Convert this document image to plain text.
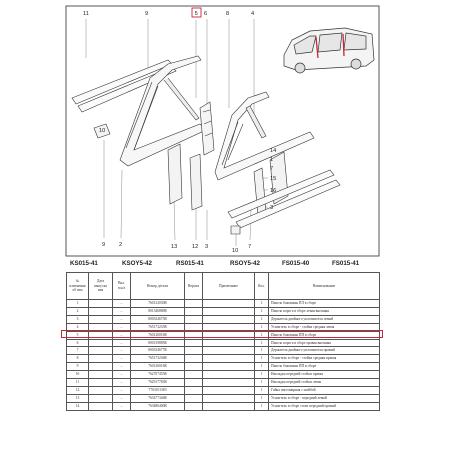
11	9	5 6	8	4
14
1
7
15
16
3
10
9 2	13	12 3
10
7
KS015-41	KSOY5-42	RS015-41	RSOY5-42	FS015-40	FS015-41
№
изменения
об изм	Дата
выпуска
изм	Вкл.
в н/а	Номер детали	Версия	Примечание	Кол.	Наименование
1		–	760132030R			1	Панель боковины ПЛ в сборе
2		–	801346880R			1	Панель порога в сборе левая внешняя
3		–	800334675R			1	Держатель двойного уплотнителя левый
4		–	765173235R			1	Усилитель в сборе - стойка средняя левая
5		–	760126016R			1	Панель боковины ПП в сборе
6		–	800139885R			1	Панель порога в сборе правая внешняя
7		–	800334677R			1	Держатель двойного уплотнителя правый
8		–	765173236R			1	Усилитель в сборе - стойка средняя правая
9		–	760126016R			1	Панель боковины ПП в сборе
10		–	762707455R			1	Накладка передней стойки правая
11		–	762917783R			1	Накладка передней стойки левая
12		–	7703101383			1	Гайка пистонирная с шайбой
13		–	763477346R			1	Усилитель в сборе - передний левый
14		–	763486400R			1	Усилитель в сборе стоек передний правый
